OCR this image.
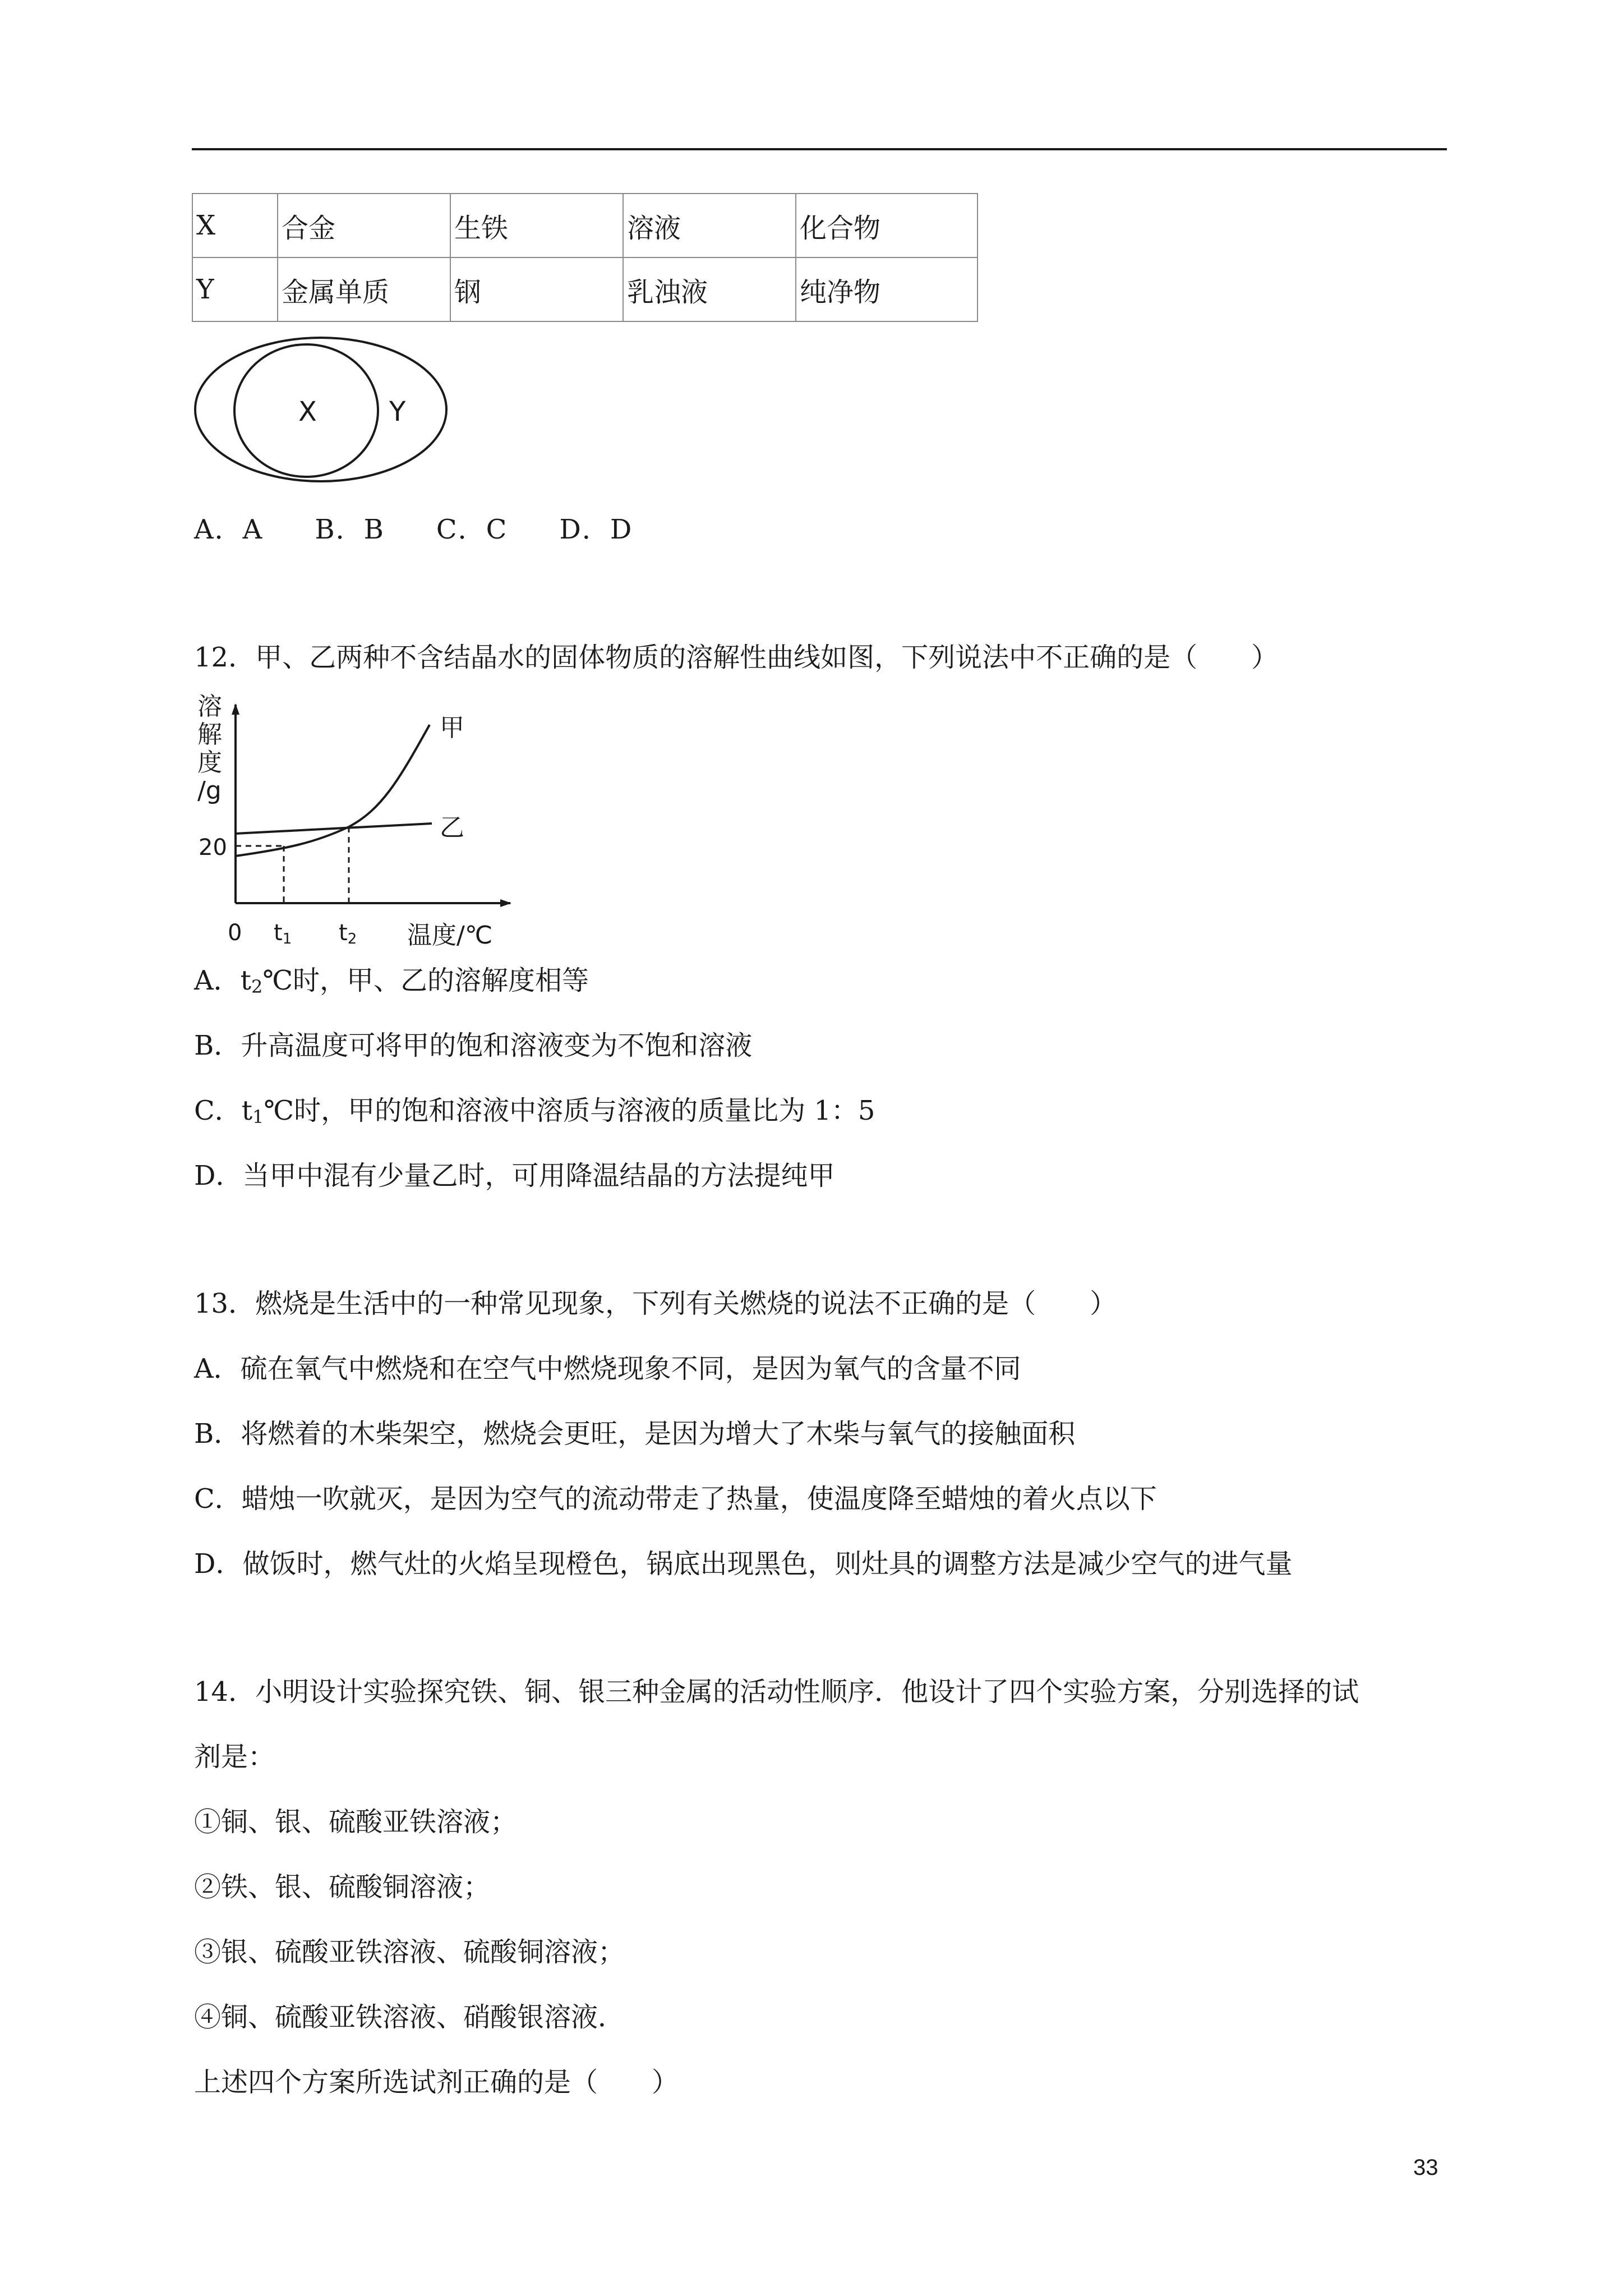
X	合金	生铁	溶液	化合物
Y	金属单质	钢	乳浊液	纯净物
X	Y
A．A B．B C．C D．D
12．甲、乙两种不含结晶水的固体物质的溶解性曲线如图，下列说法中不正确的是（　　）
溶
解
度
/g
20
0 t1 t2 温度/℃
甲
乙
A．$t_2℃$时，甲、乙的溶解度相等
B．升高温度可将甲的饱和溶液变为不饱和溶液
C．$t_1℃$时，甲的饱和溶液中溶质与溶液的质量比为 1：5
D．当甲中混有少量乙时，可用降温结晶的方法提纯甲
13．燃烧是生活中的一种常见现象，下列有关燃烧的说法不正确的是（　　）
A．硫在氧气中燃烧和在空气中燃烧现象不同，是因为氧气的含量不同
B．将燃着的木柴架空，燃烧会更旺，是因为增大了木柴与氧气的接触面积
C．蜡烛一吹就灭，是因为空气的流动带走了热量，使温度降至蜡烛的着火点以下
D．做饭时，燃气灶的火焰呈现橙色，锅底出现黑色，则灶具的调整方法是减少空气的进气量
14．小明设计实验探究铁、铜、银三种金属的活动性顺序．他设计了四个实验方案，分别选择的试
剂是：
①铜、银、硫酸亚铁溶液；
②铁、银、硫酸铜溶液；
③银、硫酸亚铁溶液、硫酸铜溶液；
④铜、硫酸亚铁溶液、硝酸银溶液．
上述四个方案所选试剂正确的是（　　）
33
